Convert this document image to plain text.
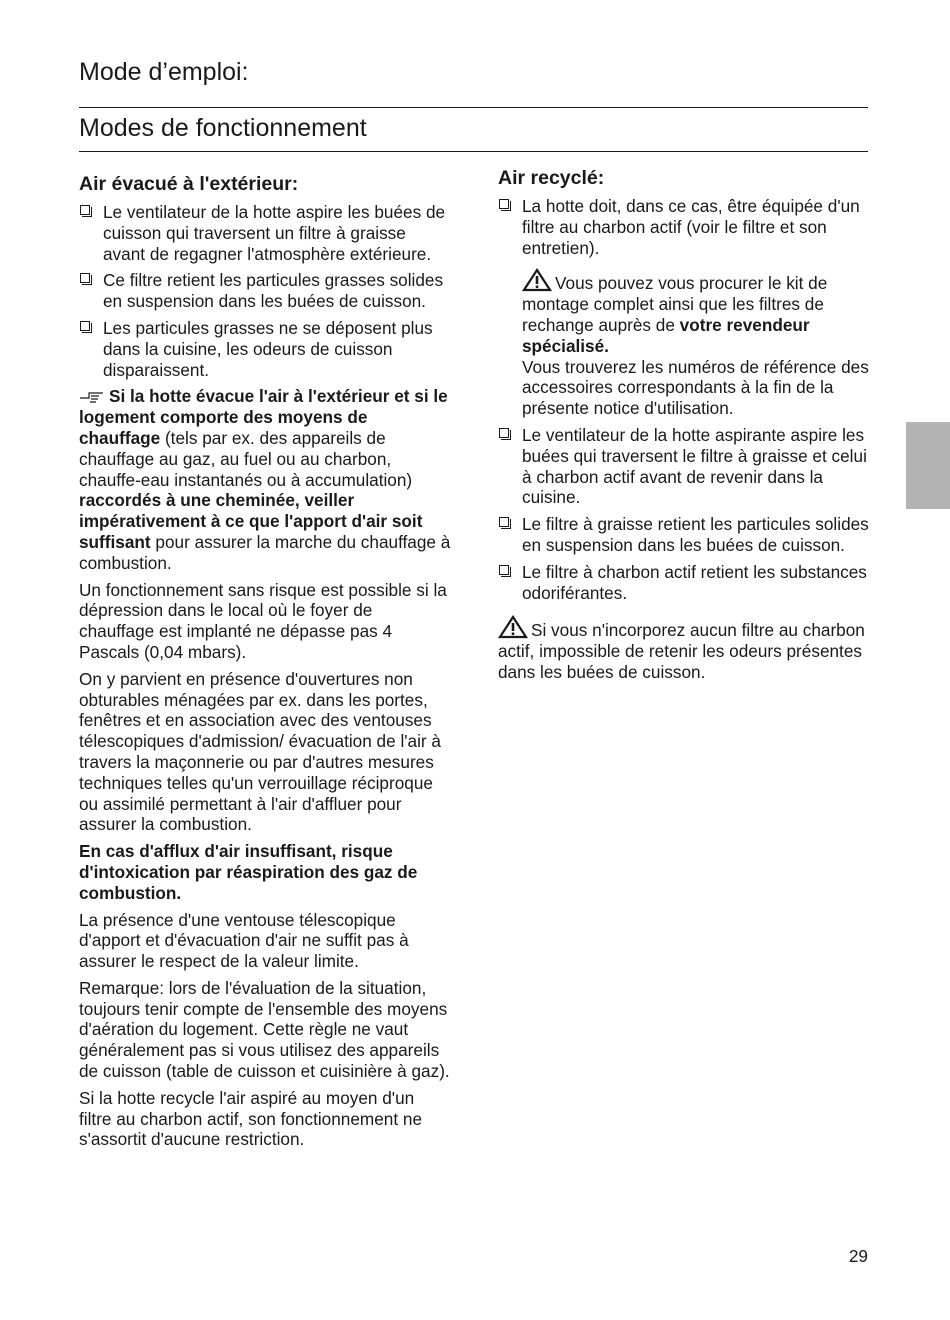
Mode d’emploi:
Modes de fonctionnement
Air évacué à l'extérieur:
Le ventilateur de la hotte aspire les buées de cuisson qui traversent un filtre à graisse avant de regagner l'atmosphère extérieure.
Ce filtre retient les particules grasses solides en suspension dans les buées de cuisson.
Les particules grasses ne se déposent plus dans la cuisine, les odeurs de cuisson disparaissent.

Si la hotte évacue l'air à l'extérieur et si le logement comporte des moyens de chauffage (tels par ex. des appareils de chauffage au gaz, au fuel ou au charbon, chauffe-eau instantanés ou à accumulation) raccordés à une cheminée, veiller impérativement à ce que l'apport d'air soit suffisant pour assurer la marche du chauffage à combustion.

Un fonctionnement sans risque est possible si la dépression dans le local où le foyer de chauffage est implanté ne dépasse pas 4 Pascals (0,04 mbars).

On y parvient en présence d'ouvertures non obturables ménagées par ex. dans les portes, fenêtres et en association avec des ventouses télescopiques d'admission/ évacuation de l'air à travers la maçonnerie ou par d'autres mesures techniques telles qu'un verrouillage réciproque ou assimilé permettant à l'air d'affluer pour assurer la combustion.

En cas d'afflux d'air insuffisant, risque d'intoxication par réaspiration des gaz de combustion.

La présence d'une ventouse télescopique d'apport et d'évacuation d'air ne suffit pas à assurer le respect de la valeur limite.

Remarque: lors de l'évaluation de la situation, toujours tenir compte de l'ensemble des moyens d'aération du logement. Cette règle ne vaut généralement pas si vous utilisez des appareils de cuisson (table de cuisson et cuisinière à gaz).

Si la hotte recycle l'air aspiré au moyen d'un filtre au charbon actif, son fonctionnement ne s'assortit d'aucune restriction.

Air recyclé:
La hotte doit, dans ce cas, être équipée d'un filtre au charbon actif (voir le filtre et son entretien).
Vous pouvez vous procurer le kit de montage complet ainsi que les filtres de rechange auprès de votre revendeur spécialisé.
Vous trouverez les numéros de référence des accessoires correspondants à la fin de la présente notice d'utilisation.
Le ventilateur de la hotte aspirante aspire les buées qui traversent le filtre à graisse et celui à charbon actif avant de revenir dans la cuisine.
Le filtre à graisse retient les particules solides en suspension dans les buées de cuisson.
Le filtre à charbon actif retient les substances odoriférantes.

Si vous n'incorporez aucun filtre au charbon actif, impossible de retenir les odeurs présentes dans les buées de cuisson.

29
